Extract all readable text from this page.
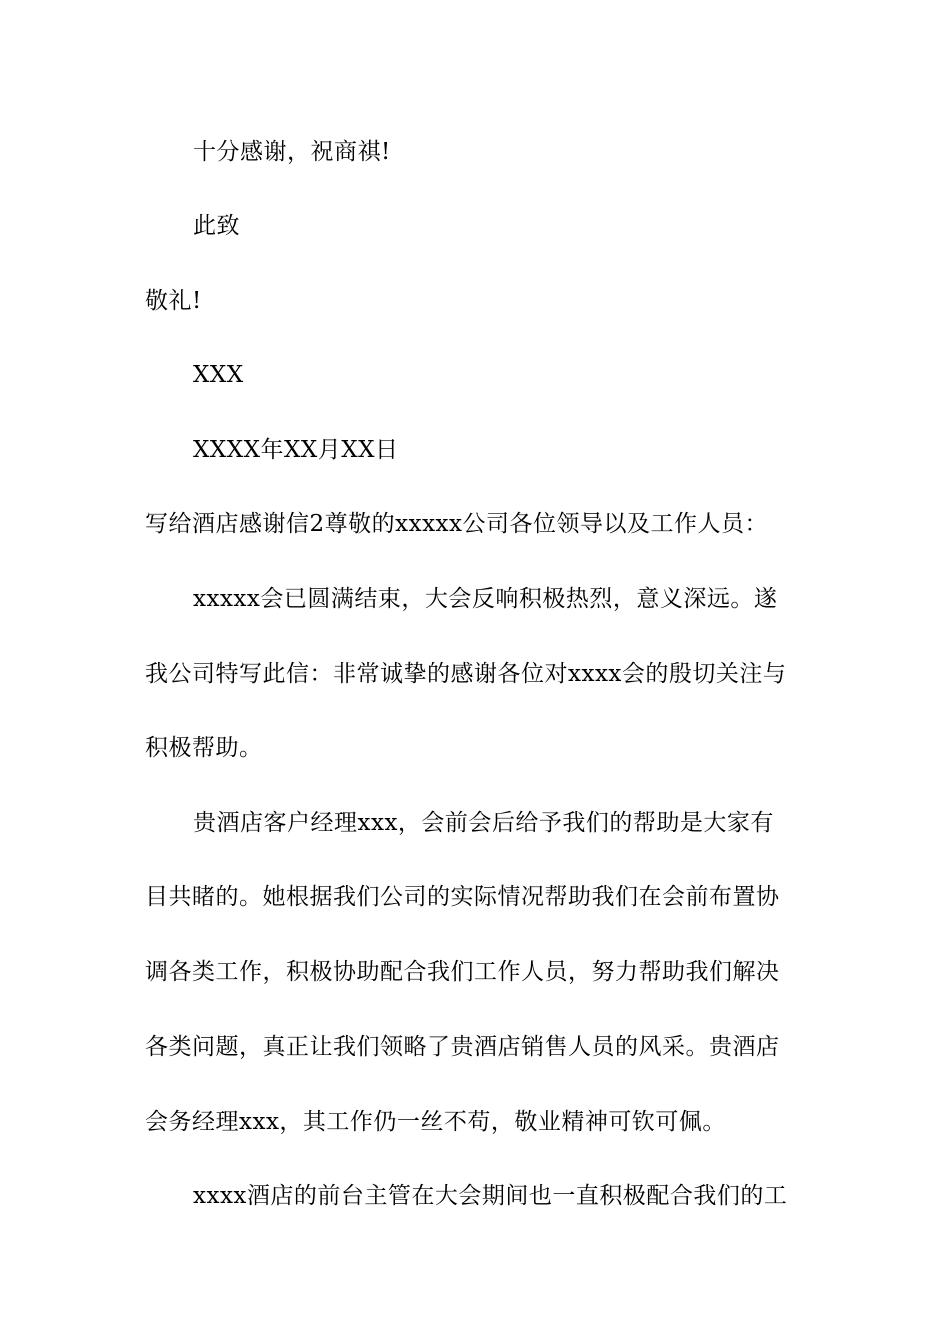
十分感谢，祝商祺!

此致

敬礼!

XXX

XXXX年XX月XX日

写给酒店感谢信2尊敬的xxxxx公司各位领导以及工作人员：

xxxxx会已圆满结束，大会反响积极热烈，意义深远。遂

我公司特写此信：非常诚挚的感谢各位对xxxx会的殷切关注与

积极帮助。

贵酒店客户经理xxx，会前会后给予我们的帮助是大家有

目共睹的。她根据我们公司的实际情况帮助我们在会前布置协

调各类工作，积极协助配合我们工作人员，努力帮助我们解决

各类问题，真正让我们领略了贵酒店销售人员的风采。贵酒店

会务经理xxx，其工作仍一丝不苟，敬业精神可钦可佩。

xxxx酒店的前台主管在大会期间也一直积极配合我们的工
